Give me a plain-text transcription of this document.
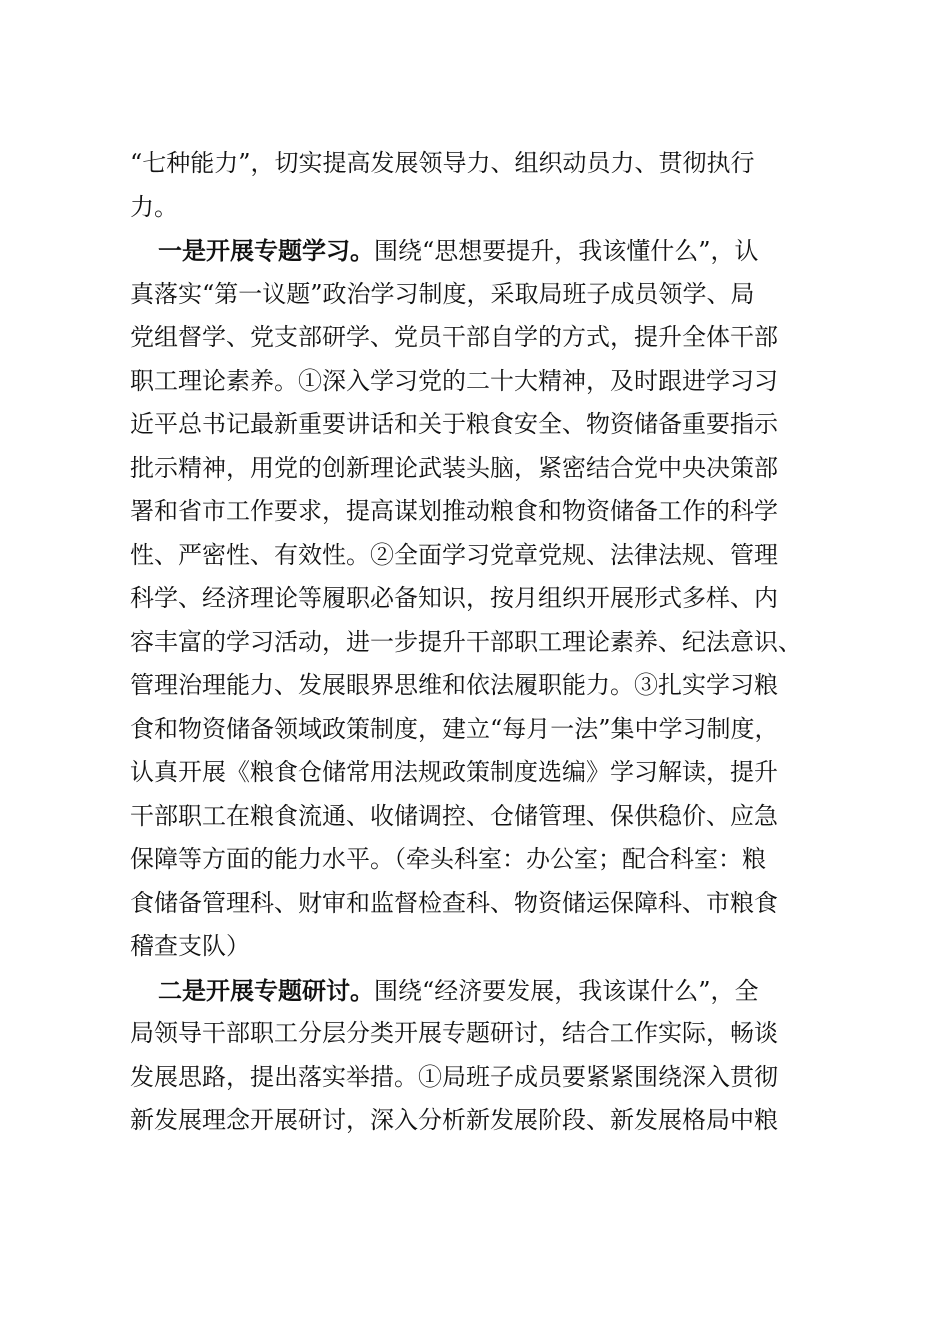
“七种能力”，切实提高发展领导力、组织动员力、贯彻执行
力。
一是开展专题学习。围绕“思想要提升，我该懂什么”，认
真落实“第一议题”政治学习制度，采取局班子成员领学、局
党组督学、党支部研学、党员干部自学的方式，提升全体干部
职工理论素养。①深入学习党的二十大精神，及时跟进学习习
近平总书记最新重要讲话和关于粮食安全、物资储备重要指示
批示精神，用党的创新理论武装头脑，紧密结合党中央决策部
署和省市工作要求，提高谋划推动粮食和物资储备工作的科学
性、严密性、有效性。②全面学习党章党规、法律法规、管理
科学、经济理论等履职必备知识，按月组织开展形式多样、内
容丰富的学习活动，进一步提升干部职工理论素养、纪法意识、
管理治理能力、发展眼界思维和依法履职能力。③扎实学习粮
食和物资储备领域政策制度，建立“每月一法”集中学习制度，
认真开展《粮食仓储常用法规政策制度选编》学习解读，提升
干部职工在粮食流通、收储调控、仓储管理、保供稳价、应急
保障等方面的能力水平。（牵头科室：办公室；配合科室：粮
食储备管理科、财审和监督检查科、物资储运保障科、市粮食
稽查支队）
二是开展专题研讨。围绕“经济要发展，我该谋什么”，全
局领导干部职工分层分类开展专题研讨，结合工作实际，畅谈
发展思路，提出落实举措。①局班子成员要紧紧围绕深入贯彻
新发展理念开展研讨，深入分析新发展阶段、新发展格局中粮
